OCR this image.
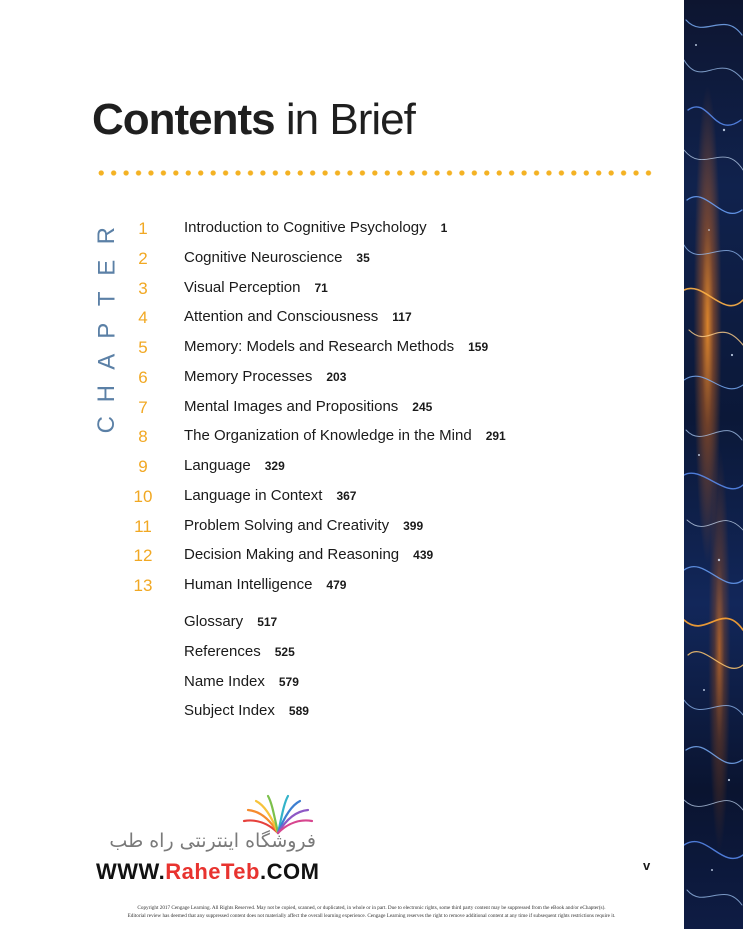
Contents in Brief
R
E
T
P
A
H
C
1	Introduction to Cognitive Psychology 1
2	Cognitive Neuroscience 35
3	Visual Perception 71
4	Attention and Consciousness 117
5	Memory: Models and Research Methods 159
6	Memory Processes 203
7	Mental Images and Propositions 245
8	The Organization of Knowledge in the Mind 291
9	Language 329
10	Language in Context 367
11	Problem Solving and Creativity 399
12	Decision Making and Reasoning 439
13	Human Intelligence 479
Glossary 517
References 525
Name Index 579
Subject Index 589
v
فروشگاه اینترنتی راه طب
WWW.RaheTeb.COM
Copyright 2017 Cengage Learning. All Rights Reserved. May not be copied, scanned, or duplicated, in whole or in part. Due to electronic rights, some third party content may be suppressed from the eBook and/or eChapter(s).
Editorial review has deemed that any suppressed content does not materially affect the overall learning experience. Cengage Learning reserves the right to remove additional content at any time if subsequent rights restrictions require it.
